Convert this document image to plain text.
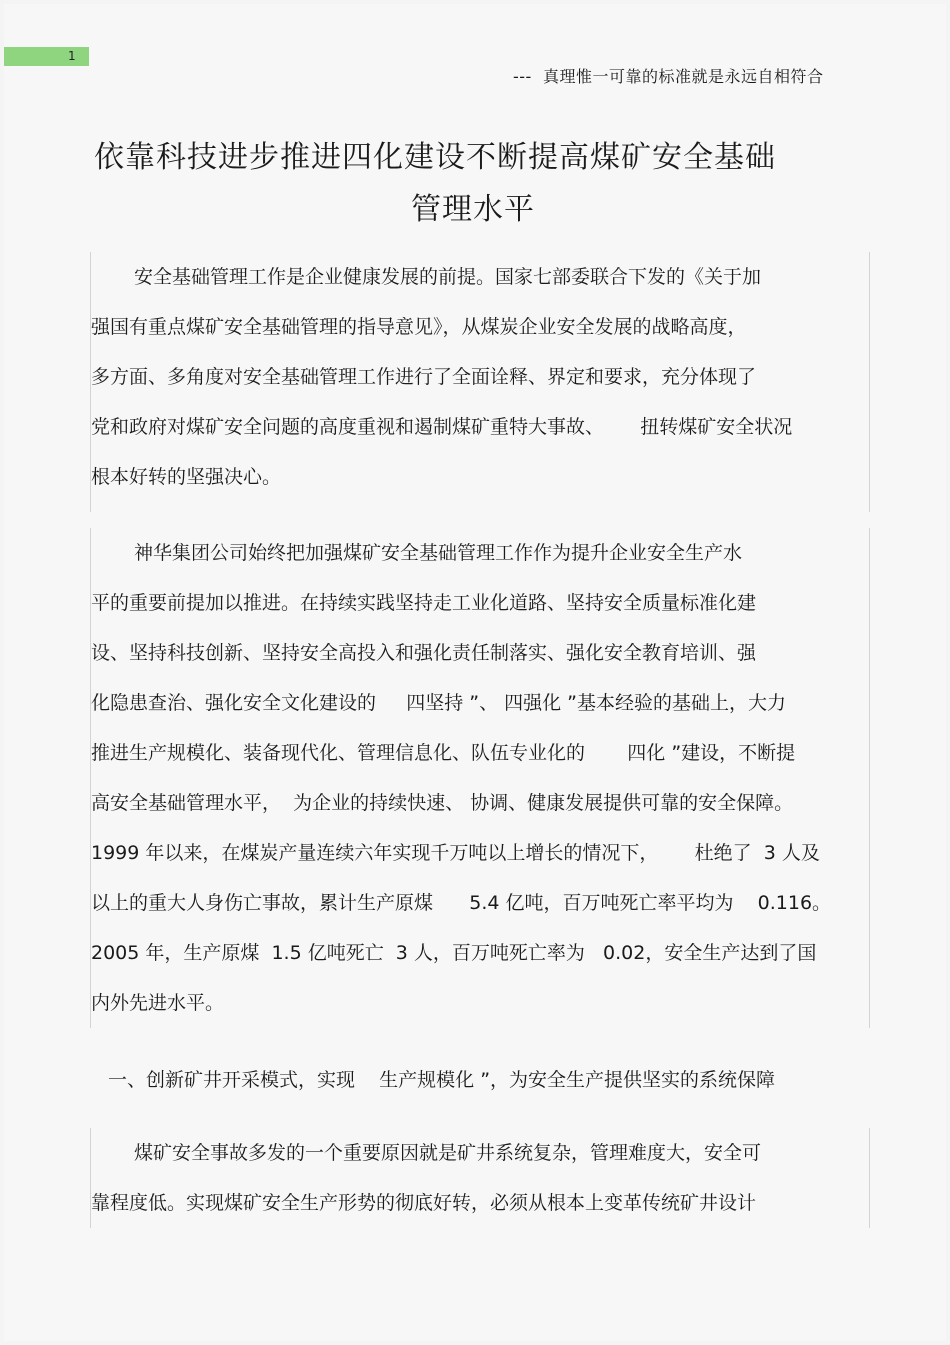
1
---  真理惟一可靠的标准就是永远自相符合
依靠科技进步推进四化建设不断提高煤矿安全基础
管理水平
安全基础管理工作是企业健康发展的前提。国家七部委联合下发的《关于加
强国有重点煤矿安全基础管理的指导意见》，从煤炭企业安全发展的战略高度，
多方面、多角度对安全基础管理工作进行了全面诠释、界定和要求，充分体现了
党和政府对煤矿安全问题的高度重视和遏制煤矿重特大事故、      扭转煤矿安全状况
根本好转的坚强决心。
神华集团公司始终把加强煤矿安全基础管理工作作为提升企业安全生产水
平的重要前提加以推进。在持续实践坚持走工业化道路、坚持安全质量标准化建
设、坚持科技创新、坚持安全高投入和强化责任制落实、强化安全教育培训、强
化隐患查治、强化安全文化建设的     四坚持 ”、 四强化 ”基本经验的基础上，大力
推进生产规模化、装备现代化、管理信息化、队伍专业化的       四化 ”建设，不断提
高安全基础管理水平，  为企业的持续快速、 协调、健康发展提供可靠的安全保障。
1999 年以来，在煤炭产量连续六年实现千万吨以上增长的情况下，      杜绝了  3 人及
以上的重大人身伤亡事故，累计生产原煤      5.4 亿吨，百万吨死亡率平均为    0.116。
2005 年，生产原煤  1.5 亿吨死亡  3 人，百万吨死亡率为   0.02，安全生产达到了国
内外先进水平。
一、创新矿井开采模式，实现    生产规模化 ”，为安全生产提供坚实的系统保障
煤矿安全事故多发的一个重要原因就是矿井系统复杂，管理难度大，安全可
靠程度低。实现煤矿安全生产形势的彻底好转，必须从根本上变革传统矿井设计
